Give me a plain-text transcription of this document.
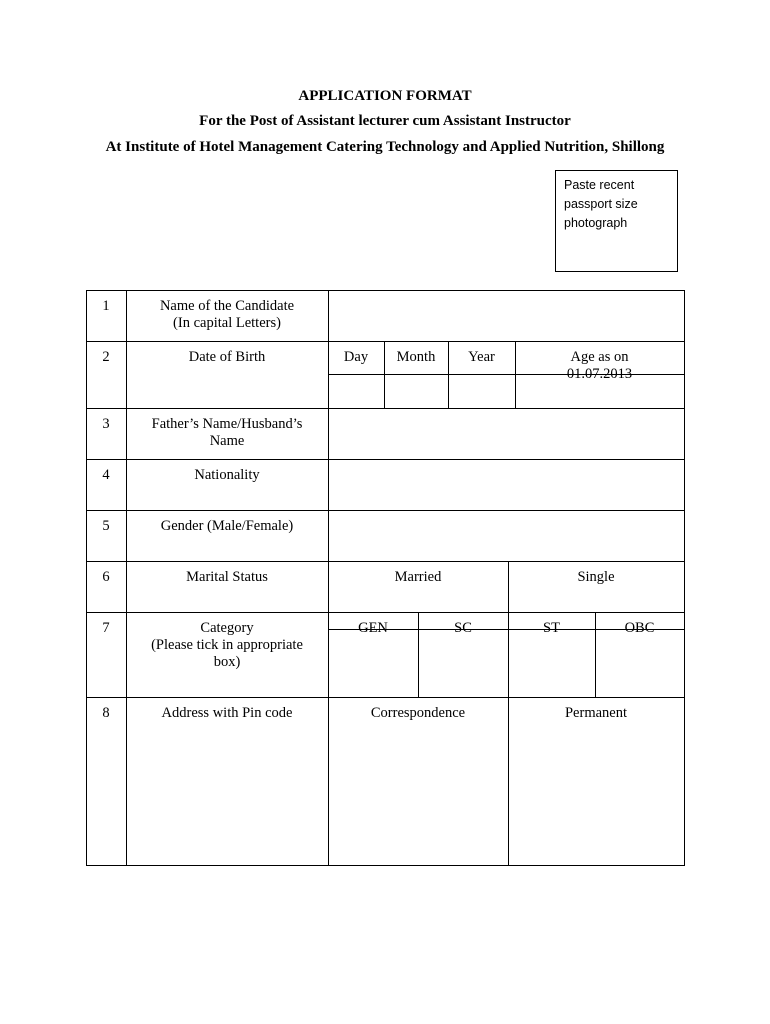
APPLICATION FORMAT
For the Post of Assistant lecturer cum Assistant Instructor
At Institute of Hotel Management Catering Technology and Applied Nutrition, Shillong
Paste recent
passport size
photograph
1	Name of the Candidate
(In capital Letters)
2	Date of Birth	Day	Month	Year	Age as on
01.07.2013
3	Father’s Name/Husband’s
Name
4	Nationality
5	Gender (Male/Female)
6	Marital Status	Married	Single
7	Category
(Please tick in appropriate
box)
GEN	SC	ST	OBC
8	Address with Pin code	Correspondence	Permanent
